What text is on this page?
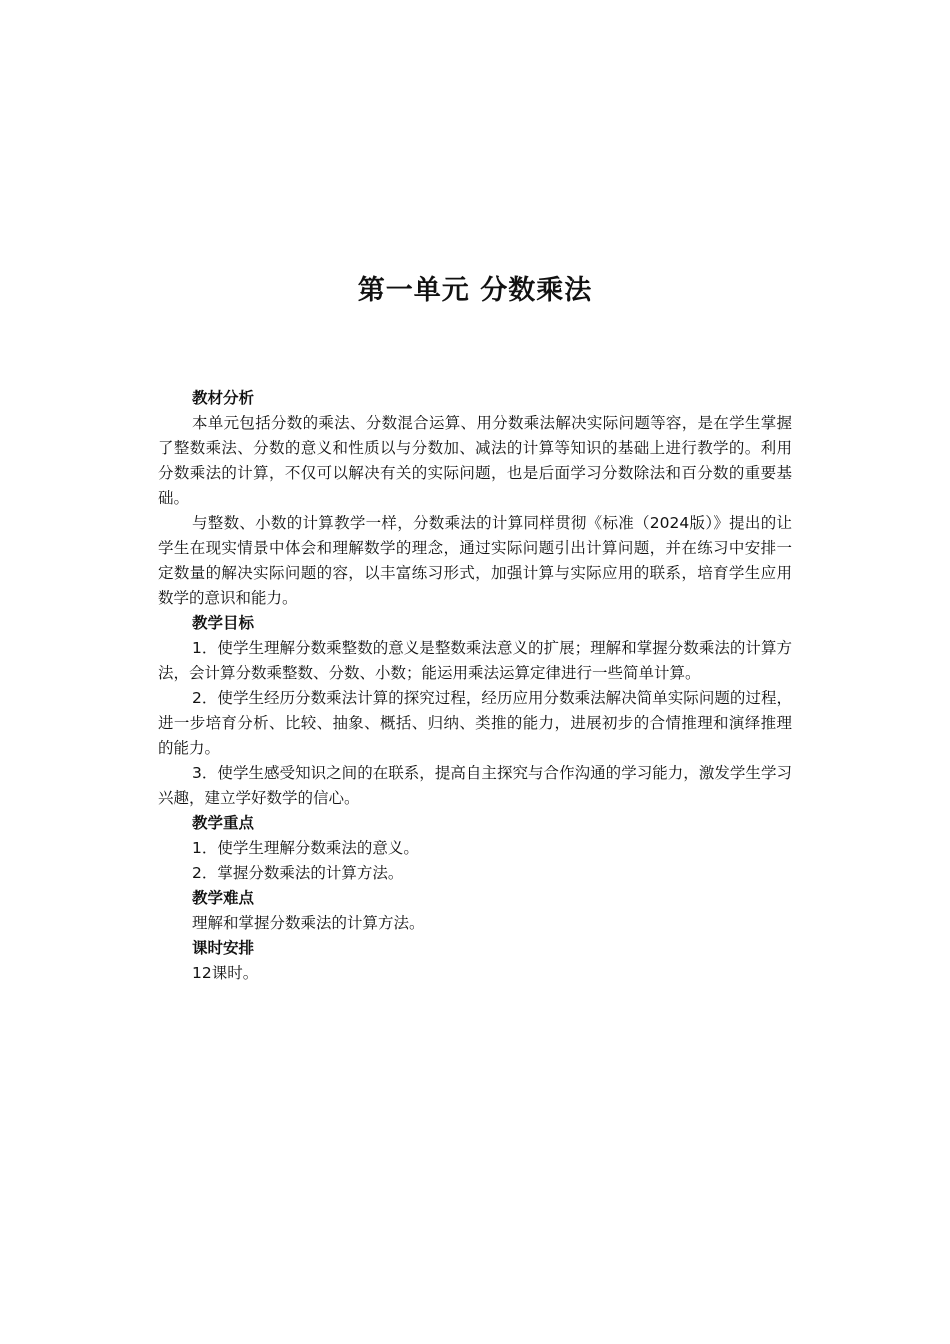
第一单元 分数乘法
教材分析

本单元包括分数的乘法、分数混合运算、用分数乘法解决实际问题等容，是在学生掌握了整数乘法、分数的意义和性质以与分数加、减法的计算等知识的基础上进行教学的。利用分数乘法的计算，不仅可以解决有关的实际问题，也是后面学习分数除法和百分数的重要基础。

与整数、小数的计算教学一样，分数乘法的计算同样贯彻《标准（2024版）》提出的让学生在现实情景中体会和理解数学的理念，通过实际问题引出计算问题，并在练习中安排一定数量的解决实际问题的容，以丰富练习形式，加强计算与实际应用的联系，培育学生应用数学的意识和能力。

教学目标

1．使学生理解分数乘整数的意义是整数乘法意义的扩展；理解和掌握分数乘法的计算方法，会计算分数乘整数、分数、小数；能运用乘法运算定律进行一些简单计算。

2．使学生经历分数乘法计算的探究过程，经历应用分数乘法解决简单实际问题的过程，进一步培育分析、比较、抽象、概括、归纳、类推的能力，进展初步的合情推理和演绎推理的能力。

3．使学生感受知识之间的在联系，提高自主探究与合作沟通的学习能力，激发学生学习兴趣，建立学好数学的信心。

教学重点

1．使学生理解分数乘法的意义。

2．掌握分数乘法的计算方法。

教学难点

理解和掌握分数乘法的计算方法。

课时安排

12课时。
